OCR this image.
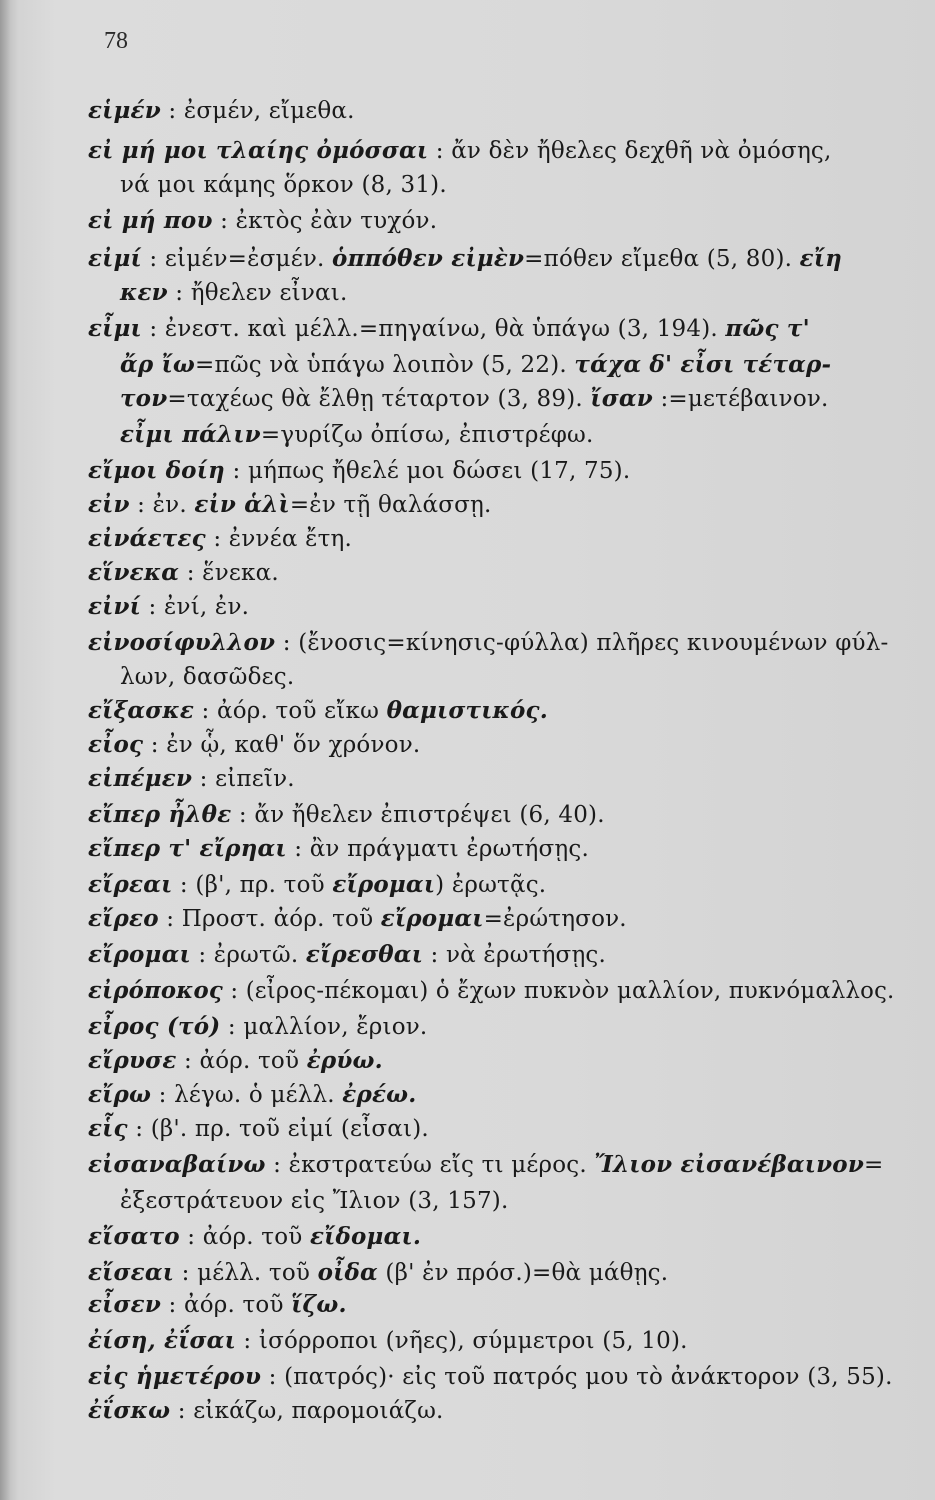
78
εἱμέν : ἐσμέν, εἴμεθα.
εἰ μή μοι τλαίης ὀμόσσαι : ἄν δὲν ἤθελες δεχθῆ νὰ ὀμόσης,
νά μοι κάμης ὅρκον (8, 31).
εἰ μή που : ἐκτὸς ἐὰν τυχόν.
εἰμί : εἰμέν=ἐσμέν. ὁππόθεν εἰμὲν=πόθεν εἴμεθα (5, 80). εἴη
κεν : ἤθελεν εἶναι.
εἶμι : ἐνεστ. καὶ μέλλ.=πηγαίνω, θὰ ὑπάγω (3, 194). πῶς τ'
ἄρ ἴω=πῶς νὰ ὑπάγω λοιπὸν (5, 22). τάχα δ' εἶσι τέταρ-
τον=ταχέως θὰ ἔλθῃ τέταρτον (3, 89). ἴσαν :=μετέβαινον.
εἶμι πάλιν=γυρίζω ὀπίσω, ἐπιστρέφω.
εἴμοι δοίη : μήπως ἤθελέ μοι δώσει (17, 75).
εἰν : ἐν. εἰν ἁλὶ=ἐν τῇ θαλάσσῃ.
εἰνάετες : ἐννέα ἔτη.
εἵνεκα : ἕνεκα.
εἰνί : ἐνί, ἐν.
εἰνοσίφυλλον : (ἔνοσις=κίνησις-φύλλα) πλῆρες κινουμένων φύλ-
λων, δασῶδες.
εἴξασκε : ἀόρ. τοῦ εἴκω θαμιστικός.
εἶος : ἐν ᾧ, καθ' ὅν χρόνον.
εἰπέμεν : εἰπεῖν.
εἴπερ ἦλθε : ἄν ἤθελεν ἐπιστρέψει (6, 40).
εἴπερ τ' εἴρηαι : ἂν πράγματι ἐρωτήσῃς.
εἴρεαι : (β', πρ. τοῦ εἴρομαι) ἐρωτᾷς.
εἴρεο : Προστ. ἀόρ. τοῦ εἴρομαι=ἐρώτησον.
εἴρομαι : ἐρωτῶ. εἴρεσθαι : νὰ ἐρωτήσῃς.
εἰρόποκος : (εἶρος-πέκομαι) ὁ ἔχων πυκνὸν μαλλίον, πυκνόμαλλος.
εἶρος (τό) : μαλλίον, ἔριον.
εἴρυσε : ἀόρ. τοῦ ἐρύω.
εἴρω : λέγω. ὁ μέλλ. ἐρέω.
εἷς : (β'. πρ. τοῦ εἰμί (εἶσαι).
εἰσαναβαίνω : ἐκστρατεύω εἴς τι μέρος. Ἴλιον εἰσανέβαινον=
ἐξεστράτευον εἰς Ἴλιον (3, 157).
εἴσατο : ἀόρ. τοῦ εἴδομαι.
εἴσεαι : μέλλ. τοῦ οἶδα (β' ἐν πρόσ.)=θὰ μάθῃς.
εἶσεν : ἀόρ. τοῦ ἵζω.
ἐίση, ἐΐσαι : ἰσόρροποι (νῆες), σύμμετροι (5, 10).
εἰς ἡμετέρου : (πατρός)· εἰς τοῦ πατρός μου τὸ ἀνάκτορον (3, 55).
ἐΐσκω : εἰκάζω, παρομοιάζω.
